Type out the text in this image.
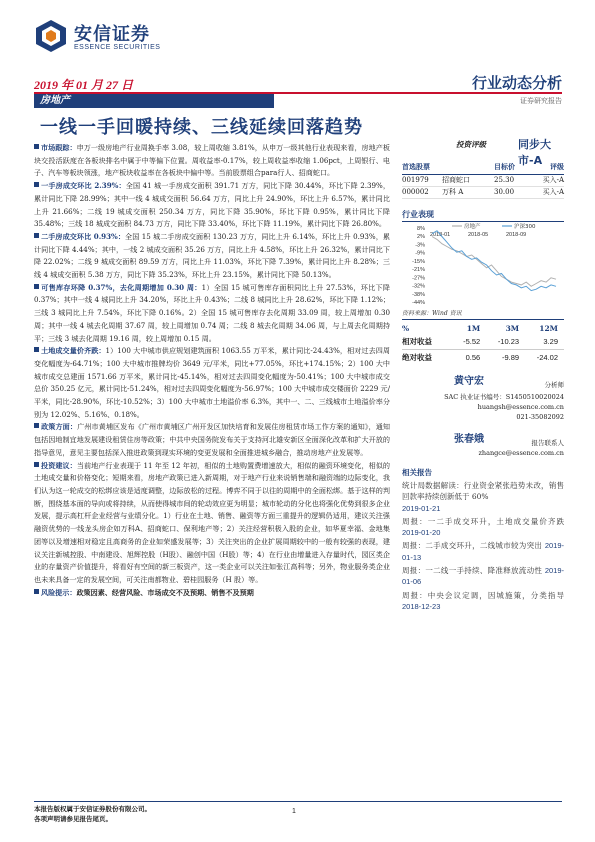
安信证券
ESSENCE SECURITIES
2019 年 01 月 27 日	行业动态分析
证券研究报告
房地产
一线一手回暖持续、三线延续回落趋势

市场跟踪：申万一级房地产行业周换手率 3.08，较上周收缩 3.81%，从申万一级其他行业表现来看，房地产板块交投活跃度在各板块排名中属于中等偏下位置。周收益率-0.17%，较上周收益率收缩 1.06pct，上周银行、电子、汽车等板块领涨，地产板块收益率在各板块中偏中等。当前股票组合para行人、招商蛇口。

一手房成交环比 2.39%：全国 41 城一手房成交面积 391.71 万方，同比下降 30.44%，环比下降 2.39%，累计同比下降 28.99%；其中一线 4 城成交面积 56.64 万方，同比上升 24.90%，环比上升 6.57%，累计同比上升 21.66%；二线 19 城成交面积 250.34 万方，同比下降 35.90%，环比下降 0.95%，累计同比下降 35.48%；三线 18 城成交面积 84.73 万方，同比下降 33.40%，环比下降 11.19%，累计同比下降 26.80%。

二手房成交环比 0.93%：全国 15 城二手房成交面积 130.23 万方，同比上升 6.14%，环比上升 0.93%，累计同比下降 4.44%；其中，一线 2 城成交面积 35.26 万方，同比上升 4.58%，环比上升 26.32%，累计同比下降 22.02%；二线 9 城成交面积 89.59 万方，同比上升 11.03%，环比下降 7.39%，累计同比上升 8.28%；三线 4 城成交面积 5.38 万方，同比下降 35.23%，环比上升 23.15%，累计同比下降 50.13%。

可售库存环降 0.37%，去化周期增加 0.30 周：1）全国 15 城可售库存面积同比上升 27.53%，环比下降 0.37%；其中一线 4 城同比上升 34.20%，环比上升 0.43%；二线 8 城同比上升 28.62%，环比下降 1.12%；三线 3 城同比上升 7.54%，环比下降 0.16%。2）全国 15 城可售库存去化周期 33.09 周，较上周增加 0.30 周；其中一线 4 城去化周期 37.67 周，较上周增加 0.74 周；二线 8 城去化周期 34.06 周，与上周去化周期持平；三线 3 城去化周期 19.16 周，较上周增加 0.15 周。

土地成交量价齐跌：1）100 大中城市供应规划建筑面积 1063.55 万平米，累计同比-24.43%，相对过去四周变化幅度为-64.71%；100 大中城市推牌均价 3649 元/平米，同比+77.05%，环比+174.15%；2）100 大中城市成交总建面 1571.66 万平米，累计同比-45.14%，相对过去四周变化幅度为-50.41%；100 大中城市成交总价 350.25 亿元，累计同比-51.24%，相对过去四周变化幅度为-56.97%；100 大中城市成交楼面价 2229 元/平米，同比-28.90%，环比-10.52%；3）100 大中城市土地溢价率 6.3%，其中一、二、三线城市土地溢价率分别为 12.02%、5.16%、0.18%。

政策方面：广州市黄埔区发布《广州市黄埔区广州开发区加快培育和发展住房租赁市场工作方案的通知》，通知包括因地制宜地发展建设租赁住房等政策；中共中央国务院发布关于支持河北雄安新区全面深化改革和扩大开放的指导意见，意见主要包括深入推进政策到现实环境的变更发展和全面推进城乡融合，推动房地产业发展等。

投资建议：当前地产行业表现于 11 年至 12 年初，相似的土地购置费增速放大，相似的融资环境变化，相似的土地成交量和价格变化；短期来看，房地产政策已进入新周期，对于地产行业来说销售端和融资端的边际变化，我们认为这一轮成交的松绑应该是适度调整，边际放松的过程。博弈不同于以往的周期中的全面松绑。基于这样的判断，围绕基本面的导向或将持续，从而使得城市间的轮动效应更为明显；城市轮动的分化也将强化优势到很多企业发展，提示高杠杆企业经营与业绩分化。1）行业在土地、销售、融资等方面三重提升的逻辑仍适用，建议关注强融资优势的一线龙头房企如万科A、招商蛇口、保利地产等；2）关注经营积极入股的企业，如华夏幸福、金地集团等以及增速相对稳定且高商务的企业如荣盛发展等；3）关注突出的企业扩展周期较中的一般有较强的表现，建议关注新城控股、中南建设、旭辉控股（H股）、融创中国（H股）等；4）在行业由增量进入存量时代，园区类企业的存量资产价值提升，将看好有空间的新三板资产，这一类企业可以关注如张江高科等；另外，物业服务类企业也未来具备一定的发展空间，可关注南都物业、碧桂园服务（H 股）等。

风险提示：政策因素、经营风险、市场成交不及预期、销售不及预期

投资评级	同步大市-A
首选股票	目标价	评级
001979	招商蛇口	25.30	买入-A
000002	万科 A	30.00	买入-A
行业表现
8%
2%
-3%
-9%
-15%
-21%
-27%
-32%
-38%
-44%
2018-01	2018-05	2018-09
房地产	沪深300
资料来源：Wind 资讯
%	1M	3M	12M
相对收益	-5.52	-10.23	3.29
绝对收益	0.56	-9.89	-24.02
黄守宏	分析师
SAC 执业证书编号：S1450510020024
huangsh@essence.com.cn
021-35082092
张春娥	报告联系人
zhangce@essence.com.cn
相关报告
统计局数据解读：行业资金紧张趋势未改，销售回款率持续创新低于 60%
2019-01-21
周报：一二手成交环升，土地成交量价齐跌 2019-01-20
周报：二手成交环升，二线城市较为突出 2019-01-13
周报：一二线一手持续、降准释放流动性 2019-01-06
周报：中央会议定调，因城施策，分类指导 2018-12-23
本报告版权属于安信证券股份有限公司。
各项声明请参见报告尾页。
1
